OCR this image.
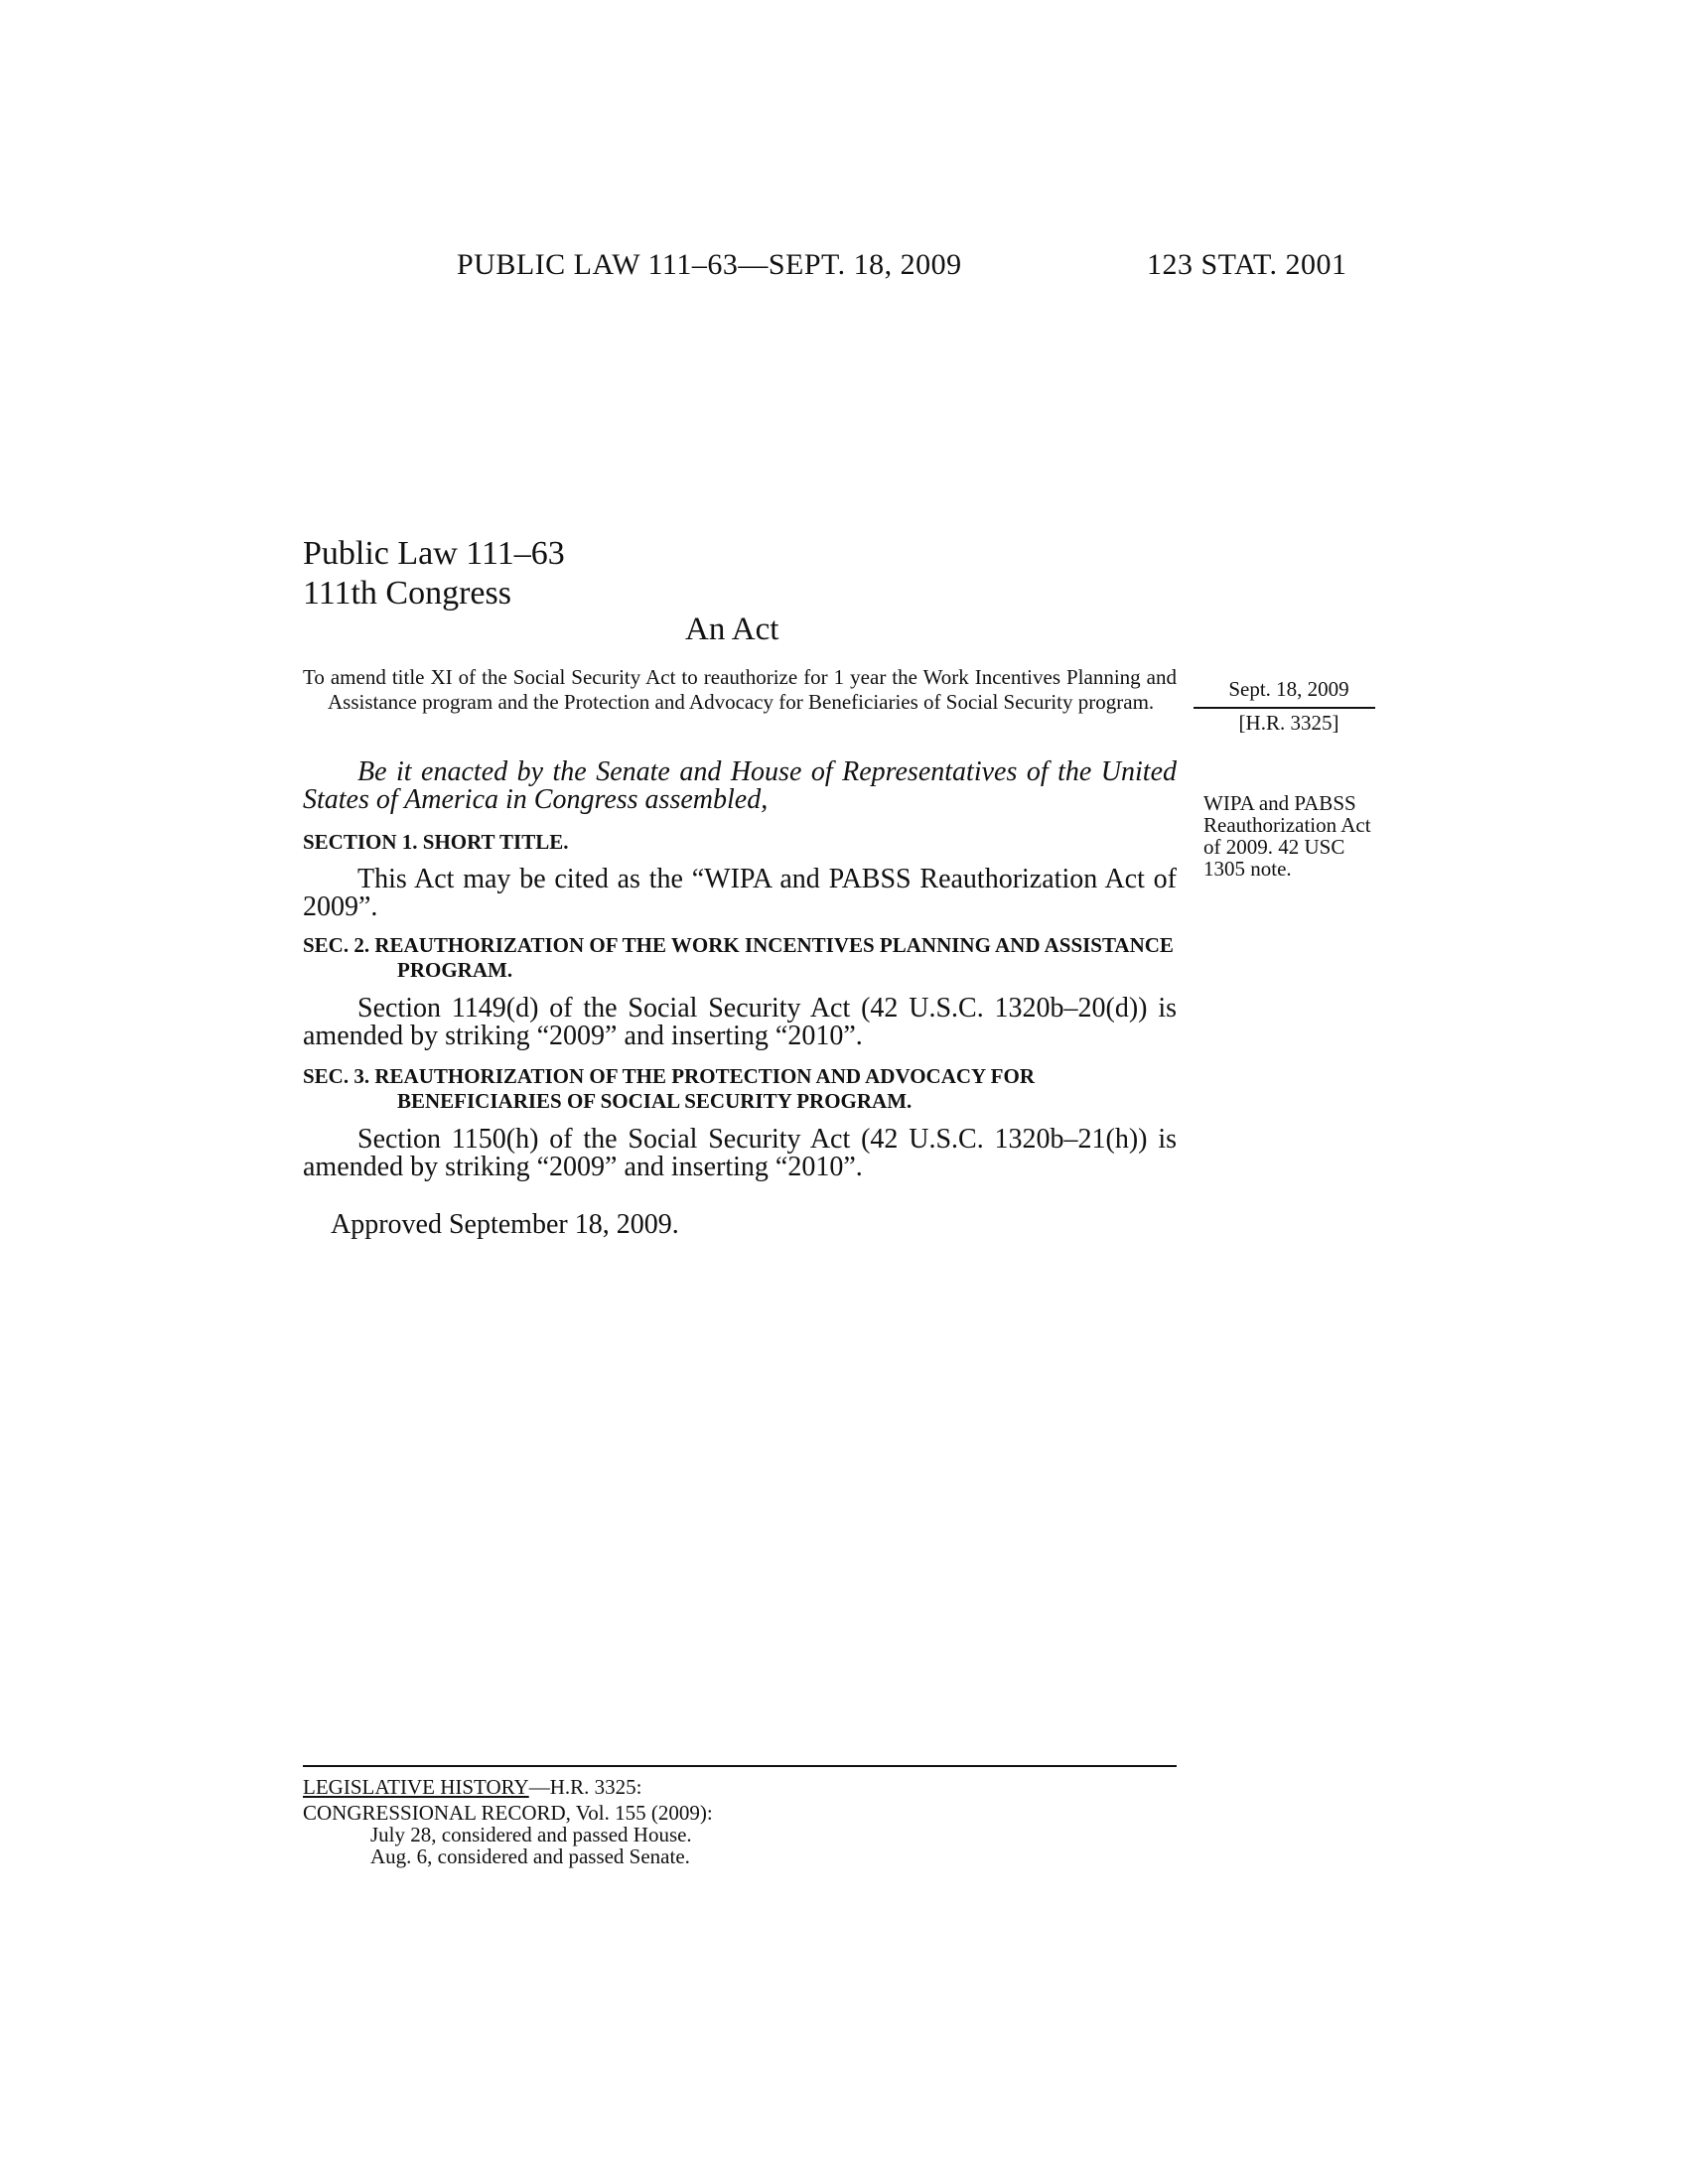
PUBLIC LAW 111–63—SEPT. 18, 2009	123 STAT. 2001
Public Law 111–63
111th Congress
An Act
To amend title XI of the Social Security Act to reauthorize for 1 year the Work Incentives Planning and Assistance program and the Protection and Advocacy for Beneficiaries of Social Security program.
Sept. 18, 2009
[H.R. 3325]
Be it enacted by the Senate and House of Representatives of the United States of America in Congress assembled,	WIPA and PABSS Reauthorization Act of 2009. 42 USC 1305 note.
SECTION 1. SHORT TITLE.
This Act may be cited as the “WIPA and PABSS Reauthorization Act of 2009”.
SEC. 2. REAUTHORIZATION OF THE WORK INCENTIVES PLANNING AND ASSISTANCE PROGRAM.
Section 1149(d) of the Social Security Act (42 U.S.C. 1320b–20(d)) is amended by striking “2009” and inserting “2010”.
SEC. 3. REAUTHORIZATION OF THE PROTECTION AND ADVOCACY FOR BENEFICIARIES OF SOCIAL SECURITY PROGRAM.
Section 1150(h) of the Social Security Act (42 U.S.C. 1320b–21(h)) is amended by striking “2009” and inserting “2010”.
Approved September 18, 2009.
LEGISLATIVE HISTORY—H.R. 3325:
CONGRESSIONAL RECORD, Vol. 155 (2009):
July 28, considered and passed House.
Aug. 6, considered and passed Senate.
